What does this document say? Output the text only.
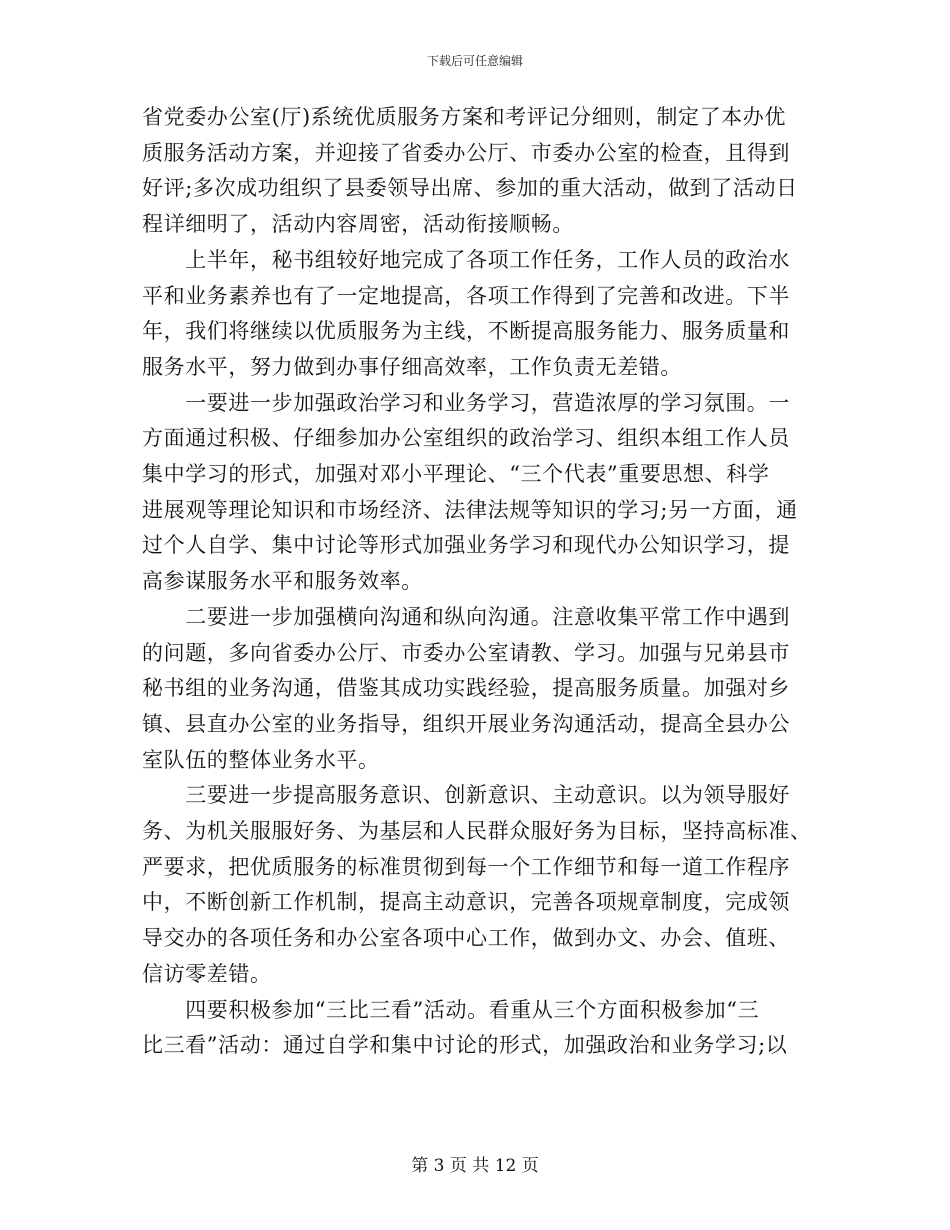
下载后可任意编辑
省党委办公室(厅)系统优质服务方案和考评记分细则，制定了本办优
质服务活动方案，并迎接了省委办公厅、市委办公室的检查，且得到
好评;多次成功组织了县委领导出席、参加的重大活动，做到了活动日
程详细明了，活动内容周密，活动衔接顺畅。
　　上半年，秘书组较好地完成了各项工作任务，工作人员的政治水
平和业务素养也有了一定地提高，各项工作得到了完善和改进。下半
年，我们将继续以优质服务为主线，不断提高服务能力、服务质量和
服务水平，努力做到办事仔细高效率，工作负责无差错。
　　一要进一步加强政治学习和业务学习，营造浓厚的学习氛围。一
方面通过积极、仔细参加办公室组织的政治学习、组织本组工作人员
集中学习的形式，加强对邓小平理论、“三个代表”重要思想、科学
进展观等理论知识和市场经济、法律法规等知识的学习;另一方面，通
过个人自学、集中讨论等形式加强业务学习和现代办公知识学习，提
高参谋服务水平和服务效率。
　　二要进一步加强横向沟通和纵向沟通。注意收集平常工作中遇到
的问题，多向省委办公厅、市委办公室请教、学习。加强与兄弟县市
秘书组的业务沟通，借鉴其成功实践经验，提高服务质量。加强对乡
镇、县直办公室的业务指导，组织开展业务沟通活动，提高全县办公
室队伍的整体业务水平。
　　三要进一步提高服务意识、创新意识、主动意识。以为领导服好
务、为机关服服好务、为基层和人民群众服好务为目标，坚持高标准、
严要求，把优质服务的标准贯彻到每一个工作细节和每一道工作程序
中，不断创新工作机制，提高主动意识，完善各项规章制度，完成领
导交办的各项任务和办公室各项中心工作，做到办文、办会、值班、
信访零差错。
　　四要积极参加“三比三看”活动。看重从三个方面积极参加“三
比三看”活动：通过自学和集中讨论的形式，加强政治和业务学习;以
第 3 页 共 12 页
